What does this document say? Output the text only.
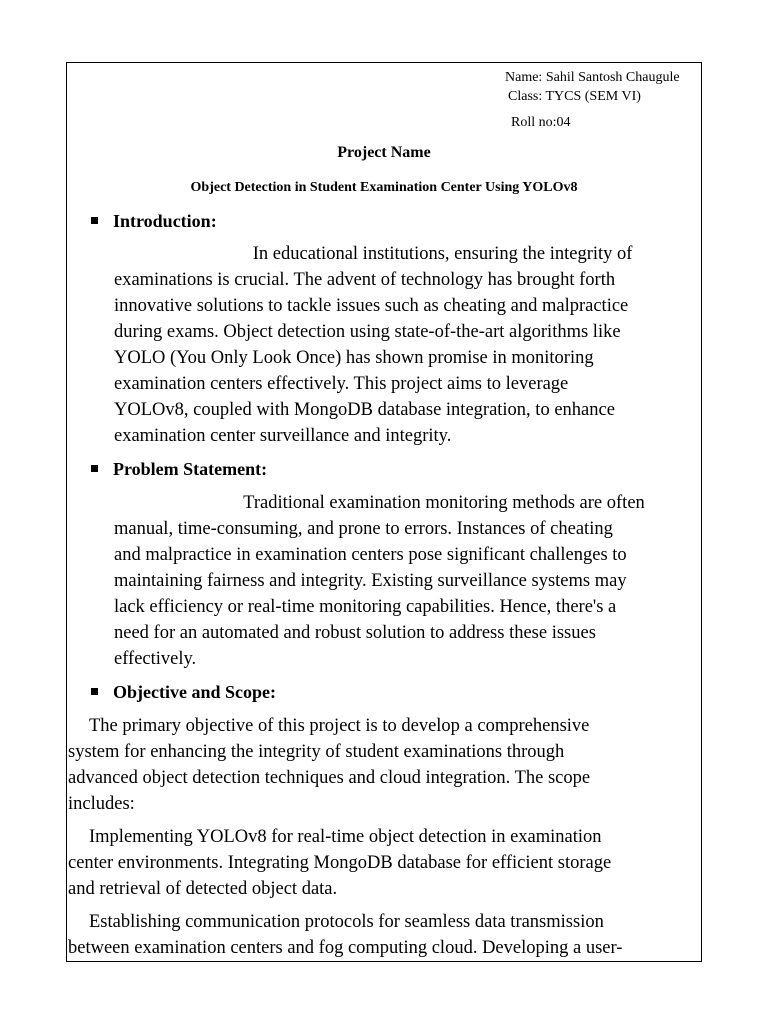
Name: Sahil Santosh Chaugule
Class: TYCS (SEM VI)
Roll no:04
Project Name
Object Detection in Student Examination Center Using YOLOv8
Introduction:
In educational institutions, ensuring the integrity of
examinations is crucial. The advent of technology has brought forth
innovative solutions to tackle issues such as cheating and malpractice
during exams. Object detection using state-of-the-art algorithms like
YOLO (You Only Look Once) has shown promise in monitoring
examination centers effectively. This project aims to leverage
YOLOv8, coupled with MongoDB database integration, to enhance
examination center surveillance and integrity.
Problem Statement:
Traditional examination monitoring methods are often
manual, time-consuming, and prone to errors. Instances of cheating
and malpractice in examination centers pose significant challenges to
maintaining fairness and integrity. Existing surveillance systems may
lack efficiency or real-time monitoring capabilities. Hence, there's a
need for an automated and robust solution to address these issues
effectively.
Objective and Scope:
The primary objective of this project is to develop a comprehensive
system for enhancing the integrity of student examinations through
advanced object detection techniques and cloud integration. The scope
includes:
Implementing YOLOv8 for real-time object detection in examination
center environments. Integrating MongoDB database for efficient storage
and retrieval of detected object data.
Establishing communication protocols for seamless data transmission
between examination centers and fog computing cloud. Developing a user-
